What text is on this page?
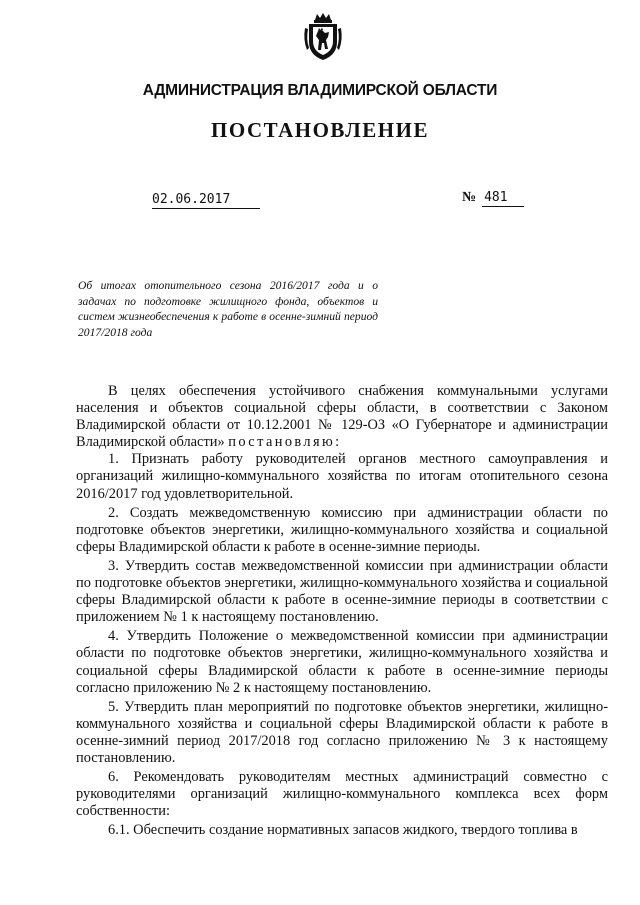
АДМИНИСТРАЦИЯ ВЛАДИМИРСКОЙ ОБЛАСТИ
ПОСТАНОВЛЕНИЕ
02.06.2017	№ 481
Об итогах отопительного сезона 2016/2017 года и о задачах по подготовке жилищного фонда, объектов и систем жизнеобеспечения к работе в осенне-зимний период 2017/2018 года

В целях обеспечения устойчивого снабжения коммунальными услугами населения и объектов социальной сферы области, в соответствии с Законом Владимирской области от 10.12.2001 № 129-ОЗ «О Губернаторе и администрации Владимирской области» постановляю:

1. Признать работу руководителей органов местного самоуправления и организаций жилищно-коммунального хозяйства по итогам отопительного сезона 2016/2017 год удовлетворительной.

2. Создать межведомственную комиссию при администрации области по подготовке объектов энергетики, жилищно-коммунального хозяйства и социальной сферы Владимирской области к работе в осенне-зимние периоды.

3. Утвердить состав межведомственной комиссии при администрации области по подготовке объектов энергетики, жилищно-коммунального хозяйства и социальной сферы Владимирской области к работе в осенне-зимние периоды в соответствии с приложением № 1 к настоящему постановлению.

4. Утвердить Положение о межведомственной комиссии при администрации области по подготовке объектов энергетики, жилищно-коммунального хозяйства и социальной сферы Владимирской области к работе в осенне-зимние периоды согласно приложению № 2 к настоящему постановлению.

5. Утвердить план мероприятий по подготовке объектов энергетики, жилищно-коммунального хозяйства и социальной сферы Владимирской области к работе в осенне-зимний период 2017/2018 год согласно приложению № 3 к настоящему постановлению.

6. Рекомендовать руководителям местных администраций совместно с руководителями организаций жилищно-коммунального комплекса всех форм собственности:

6.1. Обеспечить создание нормативных запасов жидкого, твердого топлива в
